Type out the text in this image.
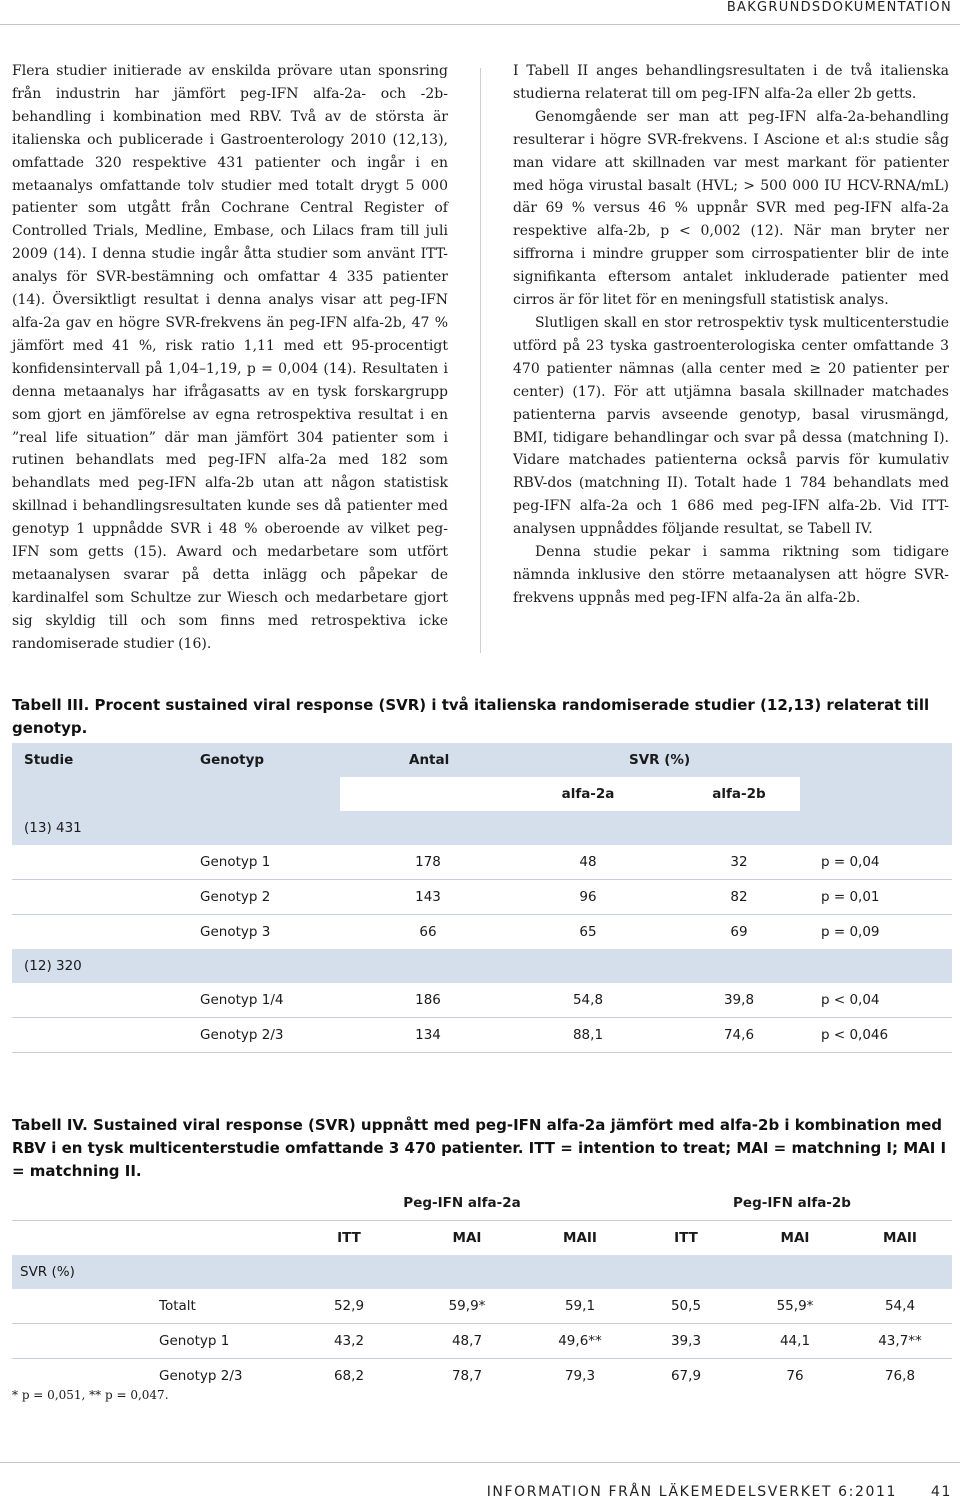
BAKGRUNDSDOKUMENTATION

Flera studier initierade av enskilda prövare utan sponsring från industrin har jämfört peg-IFN alfa-2a- och -2b-behandling i kombination med RBV. Två av de största är italienska och publicerade i Gastroenterology 2010 (12,13), omfattade 320 respektive 431 patienter och ingår i en metaanalys omfattande tolv studier med totalt drygt 5 000 patienter som utgått från Cochrane Central Register of Controlled Trials, Medline, Embase, och Lilacs fram till juli 2009 (14). I denna studie ingår åtta studier som använt ITT-analys för SVR-bestämning och omfattar 4 335 patienter (14). Översiktligt resultat i denna analys visar att peg-IFN alfa-2a gav en högre SVR-frekvens än peg-IFN alfa-2b, 47 % jämfört med 41 %, risk ratio 1,11 med ett 95-procentigt konfidensintervall på 1,04–1,19, p = 0,004 (14). Resultaten i denna metaanalys har ifrågasatts av en tysk forskargrupp som gjort en jämförelse av egna retrospektiva resultat i en ”real life situation” där man jämfört 304 patienter som i rutinen behandlats med peg-IFN alfa-2a med 182 som behandlats med peg-IFN alfa-2b utan att någon statistisk skillnad i behandlingsresultaten kunde ses då patienter med genotyp 1 uppnådde SVR i 48 % oberoende av vilket peg-IFN som getts (15). Award och medarbetare som utfört metaanalysen svarar på detta inlägg och påpekar de kardinalfel som Schultze zur Wiesch och medarbetare gjort sig skyldig till och som finns med retrospektiva icke randomiserade studier (16).

I Tabell II anges behandlingsresultaten i de två italienska studierna relaterat till om peg-IFN alfa-2a eller 2b getts.

Genomgående ser man att peg-IFN alfa-2a-behandling resulterar i högre SVR-frekvens. I Ascione et al:s studie såg man vidare att skillnaden var mest markant för patienter med höga virustal basalt (HVL; > 500 000 IU HCV-RNA/mL) där 69 % versus 46 % uppnår SVR med peg-IFN alfa-2a respektive alfa-2b, p < 0,002 (12). När man bryter ner siffrorna i mindre grupper som cirrospatienter blir de inte signifikanta eftersom antalet inkluderade patienter med cirros är för litet för en meningsfull statistisk analys.

Slutligen skall en stor retrospektiv tysk multicenterstudie utförd på 23 tyska gastroenterologiska center omfattande 3 470 patienter nämnas (alla center med ≥ 20 patienter per center) (17). För att utjämna basala skillnader matchades patienterna parvis avseende genotyp, basal virusmängd, BMI, tidigare behandlingar och svar på dessa (matchning I). Vidare matchades patienterna också parvis för kumulativ RBV-dos (matchning II). Totalt hade 1 784 behandlats med peg-IFN alfa-2a och 1 686 med peg-IFN alfa-2b. Vid ITT-analysen uppnåddes följande resultat, se Tabell IV.

Denna studie pekar i samma riktning som tidigare nämnda inklusive den större metaanalysen att högre SVR-frekvens uppnås med peg-IFN alfa-2a än alfa-2b.

Tabell III. Procent sustained viral response (SVR) i två italienska randomiserade studier (12,13) relaterat till genotyp.
Studie	Genotyp	Antal	SVR (%)
alfa-2a	alfa-2b
(13) 431
Genotyp 1	178	48	32	p = 0,04
Genotyp 2	143	96	82	p = 0,01
Genotyp 3	66	65	69	p = 0,09
(12) 320
Genotyp 1/4	186	54,8	39,8	p < 0,04
Genotyp 2/3	134	88,1	74,6	p < 0,046
Tabell IV. Sustained viral response (SVR) uppnått med peg-IFN alfa-2a jämfört med alfa-2b i kombination med RBV i en tysk multicenterstudie omfattande 3 470 patienter. ITT = intention to treat; MAI = matchning I; MAI I = matchning II.
Peg-IFN alfa-2a	Peg-IFN alfa-2b
ITT	MAI	MAII	ITT	MAI	MAII
SVR (%)
Totalt	52,9	59,9*	59,1	50,5	55,9*	54,4
Genotyp 1	43,2	48,7	49,6**	39,3	44,1	43,7**
Genotyp 2/3	68,2	78,7	79,3	67,9	76	76,8
* p = 0,051, ** p = 0,047.
INFORMATION FRÅN LÄKEMEDELSVERKET 6:2011 41
